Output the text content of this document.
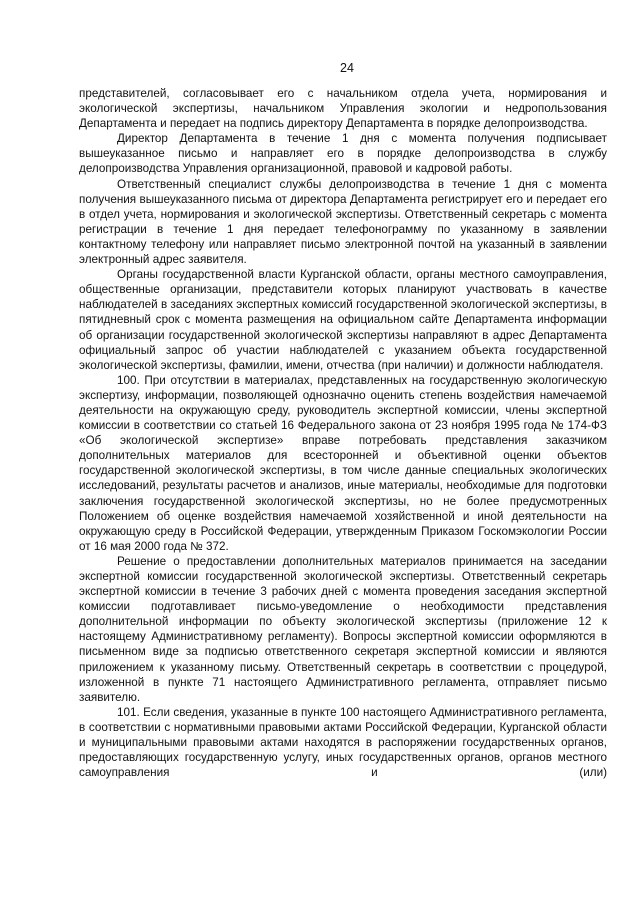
24

представителей, согласовывает его с начальником отдела учета, нормирования и экологической экспертизы, начальником Управления экологии и недропользования Департамента и передает на подпись директору Департамента в порядке делопроизводства.

Директор Департамента в течение 1 дня с момента получения подписывает вышеуказанное письмо и направляет его в порядке делопроизводства в службу делопроизводства Управления организационной, правовой и кадровой работы.

Ответственный специалист службы делопроизводства в течение 1 дня с момента получения вышеуказанного письма от директора Департамента регистрирует его и передает его в отдел учета, нормирования и экологической экспертизы. Ответственный секретарь с момента регистрации в течение 1 дня передает телефонограмму по указанному в заявлении контактному телефону или направляет письмо электронной почтой на указанный в заявлении электронный адрес заявителя.

Органы государственной власти Курганской области, органы местного самоуправления, общественные организации, представители которых планируют участвовать в качестве наблюдателей в заседаниях экспертных комиссий государственной экологической экспертизы, в пятидневный срок с момента размещения на официальном сайте Департамента информации об организации государственной экологической экспертизы направляют в адрес Департамента официальный запрос об участии наблюдателей с указанием объекта государственной экологической экспертизы, фамилии, имени, отчества (при наличии) и должности наблюдателя.

100. При отсутствии в материалах, представленных на государственную экологическую экспертизу, информации, позволяющей однозначно оценить степень воздействия намечаемой деятельности на окружающую среду, руководитель экспертной комиссии, члены экспертной комиссии в соответствии со статьей 16 Федерального закона от 23 ноября 1995 года № 174-ФЗ «Об экологической экспертизе» вправе потребовать представления заказчиком дополнительных материалов для всесторонней и объективной оценки объектов государственной экологической экспертизы, в том числе данные специальных экологических исследований, результаты расчетов и анализов, иные материалы, необходимые для подготовки заключения государственной экологической экспертизы, но не более предусмотренных Положением об оценке воздействия намечаемой хозяйственной и иной деятельности на окружающую среду в Российской Федерации, утвержденным Приказом Госкомэкологии России от 16 мая 2000 года № 372.

Решение о предоставлении дополнительных материалов принимается на заседании экспертной комиссии государственной экологической экспертизы. Ответственный секретарь экспертной комиссии в течение 3 рабочих дней с момента проведения заседания экспертной комиссии подготавливает письмо-уведомление о необходимости представления дополнительной информации по объекту экологической экспертизы (приложение 12 к настоящему Административному регламенту). Вопросы экспертной комиссии оформляются в письменном виде за подписью ответственного секретаря экспертной комиссии и являются приложением к указанному письму. Ответственный секретарь в соответствии с процедурой, изложенной в пункте 71 настоящего Административного регламента, отправляет письмо заявителю.

101. Если сведения, указанные в пункте 100 настоящего Административного регламента, в соответствии с нормативными правовыми актами Российской Федерации, Курганской области и муниципальными правовыми актами находятся в распоряжении государственных органов, предоставляющих государственную услугу, иных государственных органов, органов местного самоуправления и (или)
